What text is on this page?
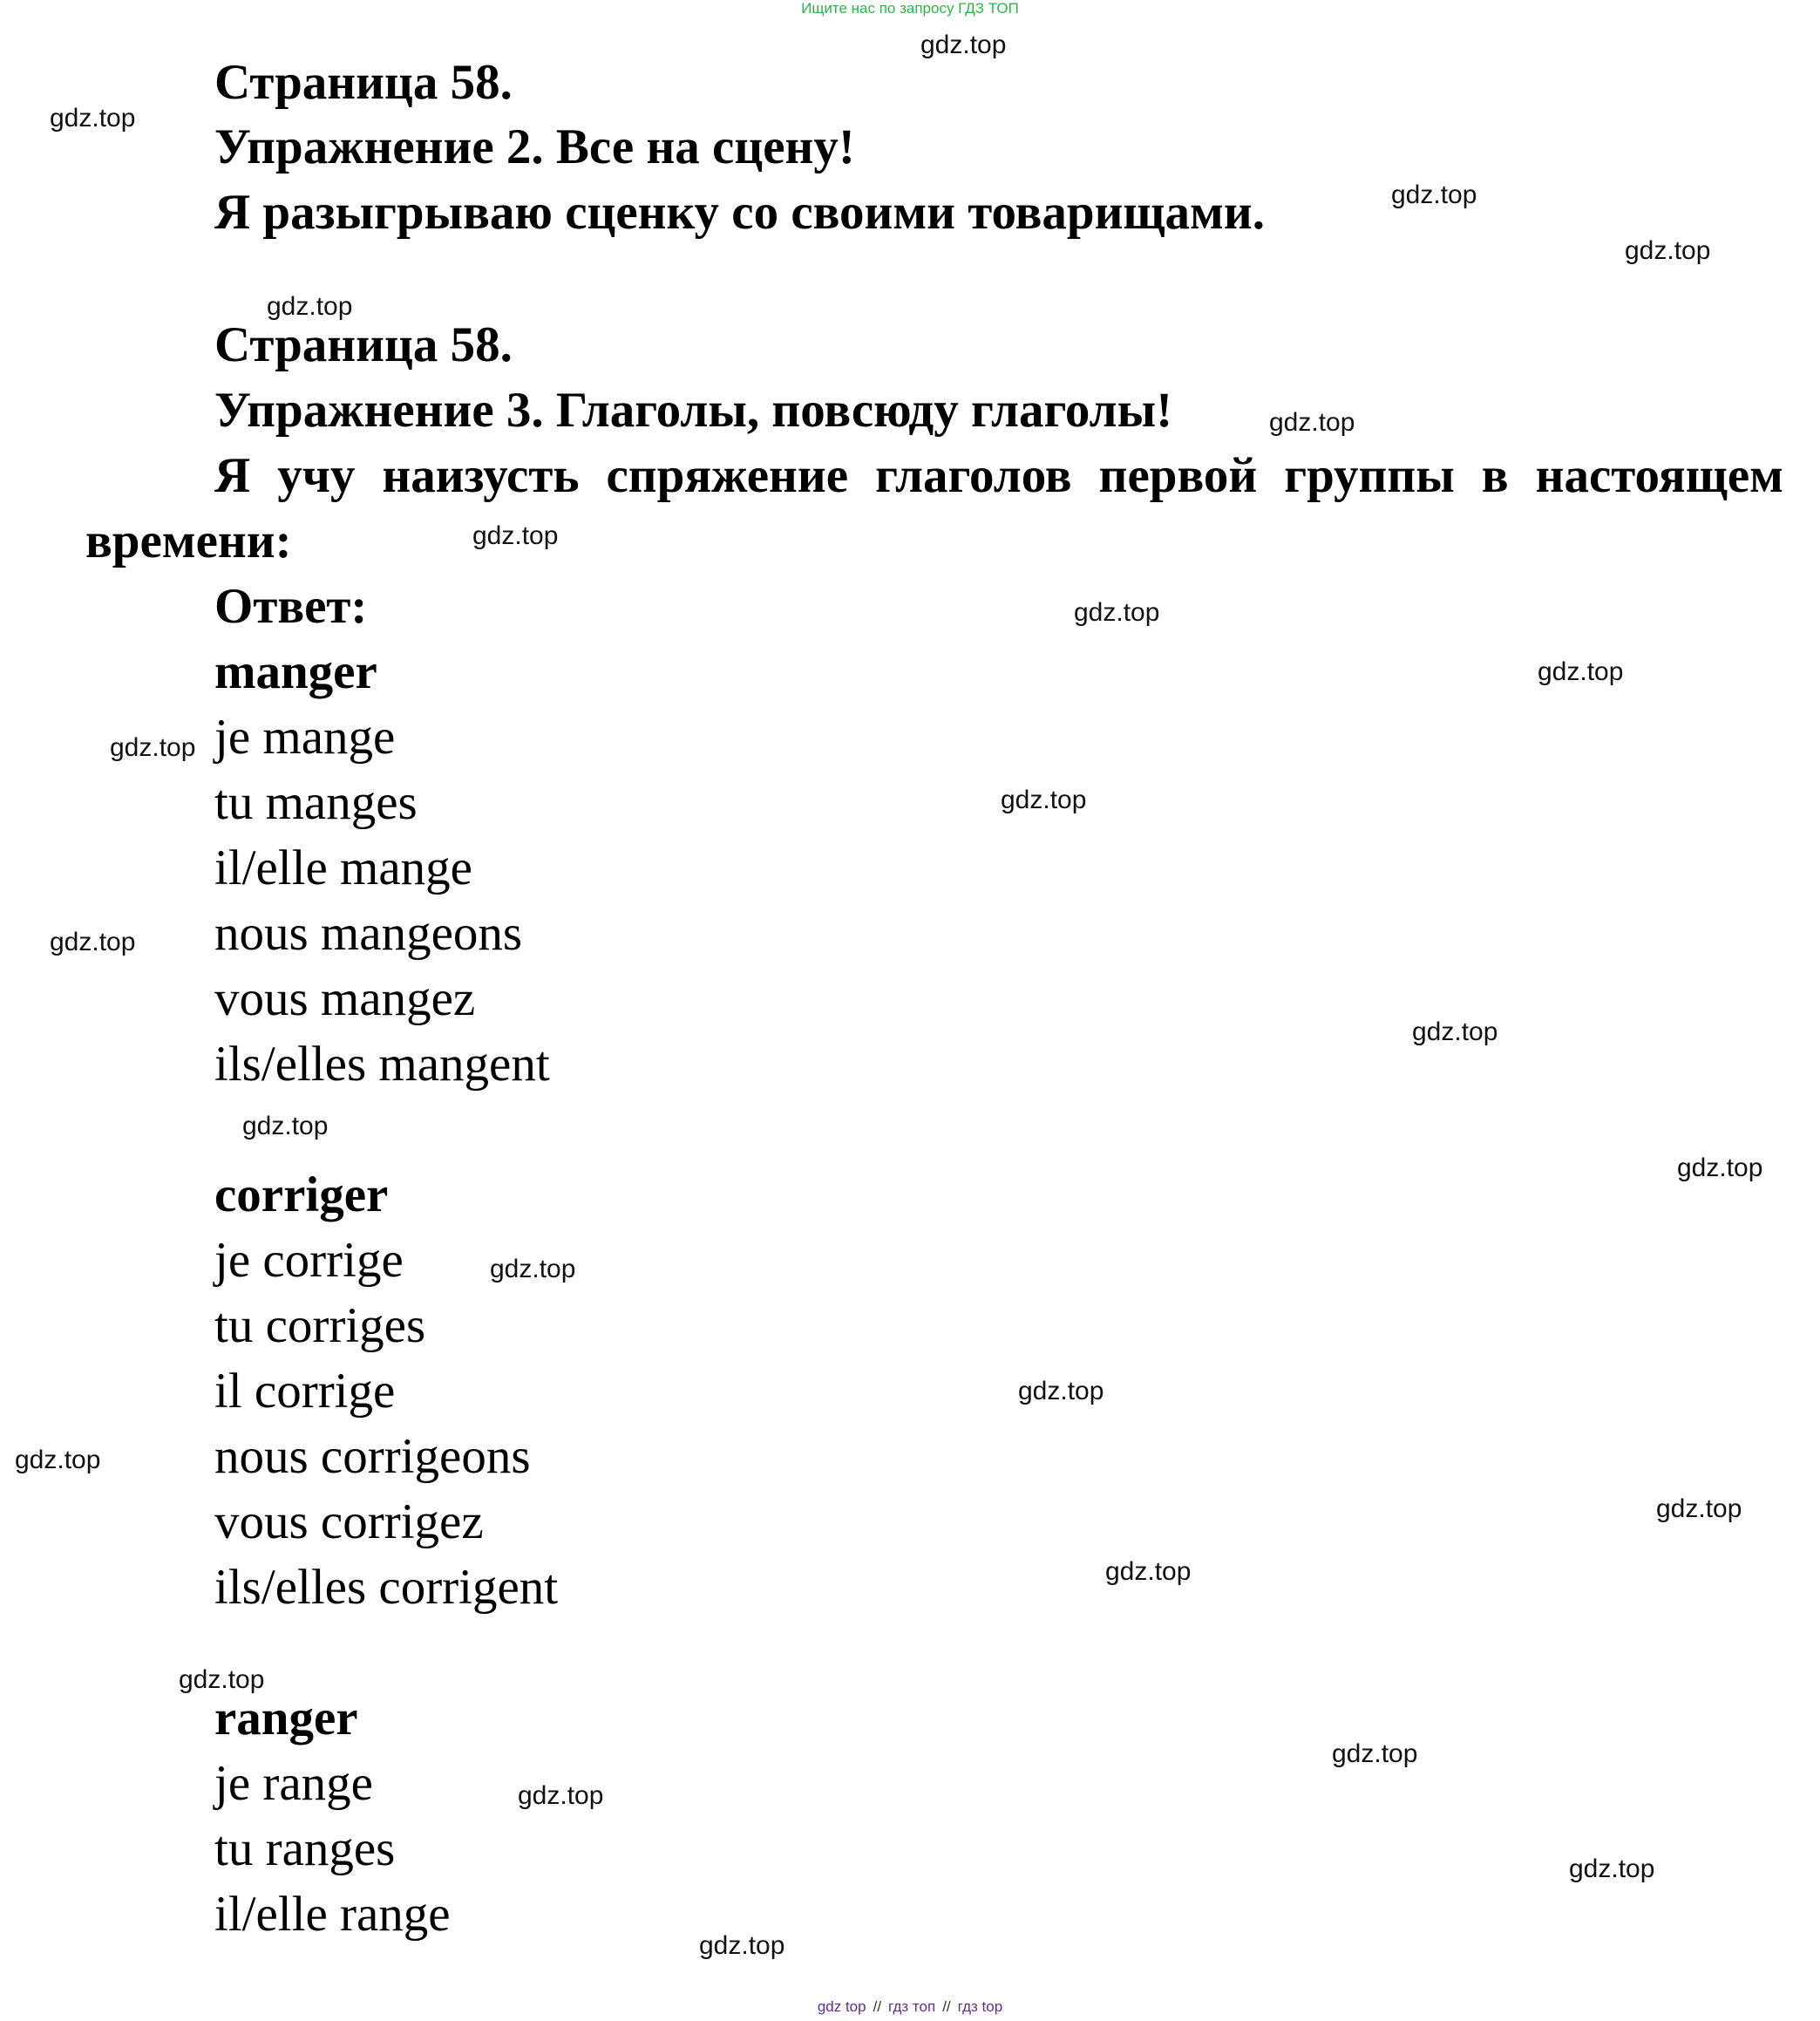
Ищите нас по запросу ГДЗ ТОП
Страница 58.
Упражнение 2. Все на сцену!
Я разыгрываю сценку со своими товарищами.
Страница 58.
Упражнение 3. Глаголы, повсюду глаголы!
Я учу наизусть спряжение глаголов первой группы в настоящем
времени:
Ответ:
manger
je mange
tu manges
il/elle mange
nous mangeons
vous mangez
ils/elles mangent
corriger
je corrige
tu corriges
il corrige
nous corrigeons
vous corrigez
ils/elles corrigent
ranger
je range
tu ranges
il/elle range
gdz.top
gdz.top
gdz.top
gdz.top
gdz.top
gdz.top
gdz.top
gdz.top
gdz.top
gdz.top
gdz.top
gdz.top
gdz.top
gdz.top
gdz.top
gdz.top
gdz.top
gdz.top
gdz.top
gdz.top
gdz.top
gdz.top
gdz.top
gdz.top
gdz.top
gdz top // гдз топ // гдз top
